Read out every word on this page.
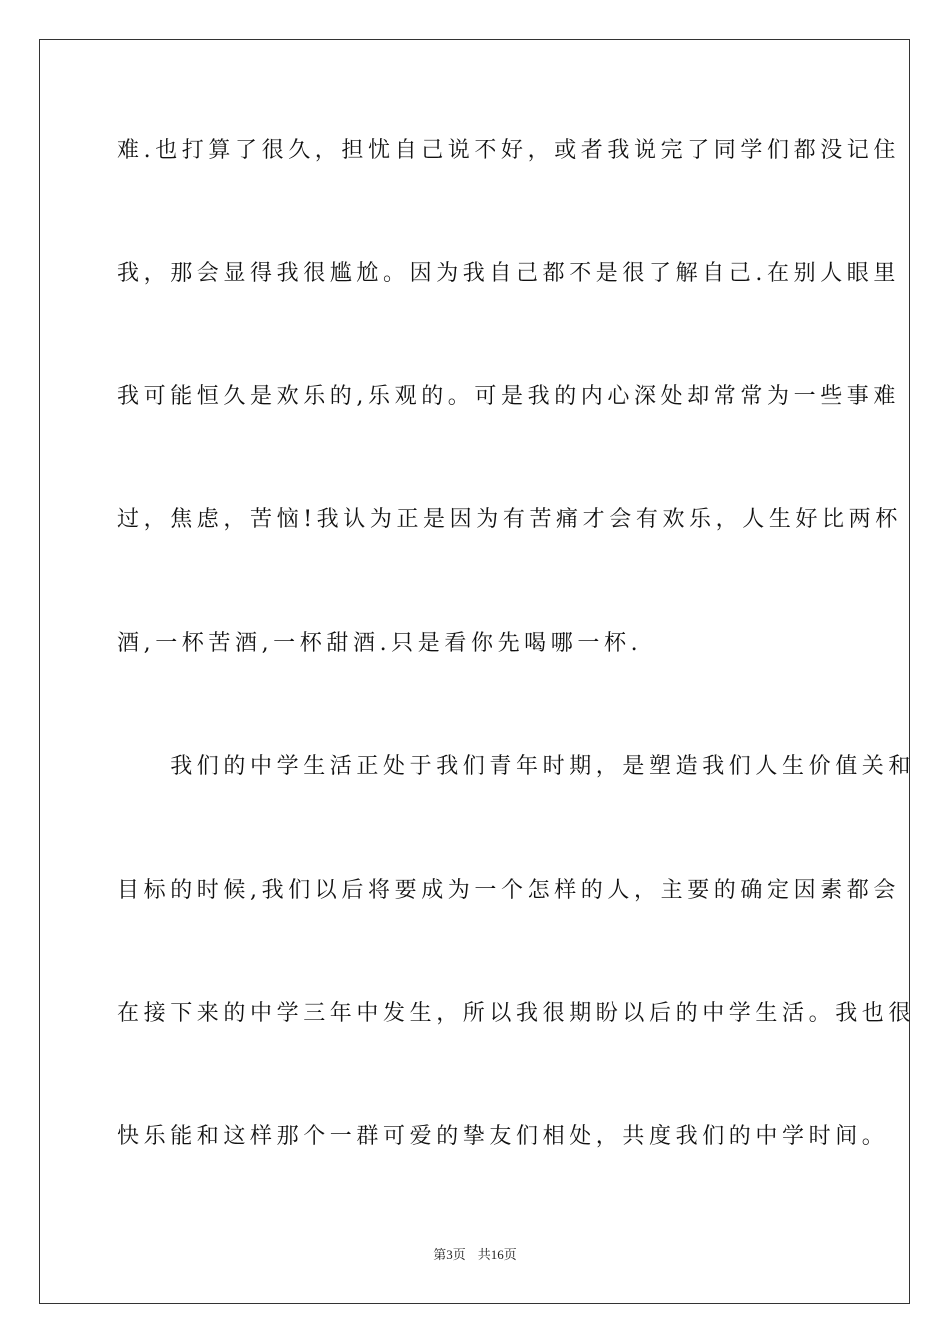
难.也打算了很久，担忧自己说不好，或者我说完了同学们都没记住
我，那会显得我很尴尬。因为我自己都不是很了解自己.在别人眼里
我可能恒久是欢乐的,乐观的。可是我的内心深处却常常为一些事难
过，焦虑，苦恼!我认为正是因为有苦痛才会有欢乐，人生好比两杯
酒,一杯苦酒,一杯甜酒.只是看你先喝哪一杯.
　　我们的中学生活正处于我们青年时期，是塑造我们人生价值关和
目标的时候,我们以后将要成为一个怎样的人，主要的确定因素都会
在接下来的中学三年中发生，所以我很期盼以后的中学生活。我也很
快乐能和这样那个一群可爱的挚友们相处，共度我们的中学时间。
第3页 共16页
